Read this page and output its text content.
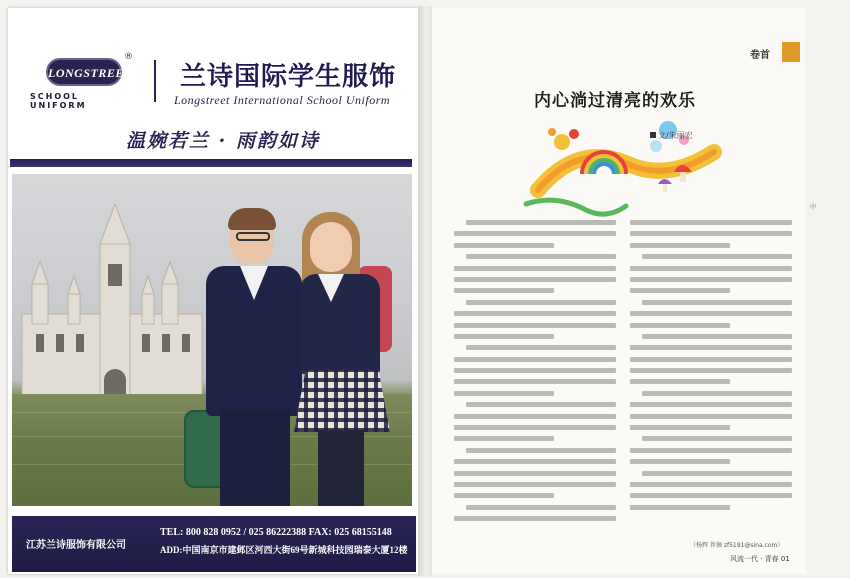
LONGSTREET
®
SCHOOL UNIFORM
兰诗国际学生服饰
Longstreet International School Uniform
温婉若兰 · 雨韵如诗
江苏兰诗服饰有限公司
TEL: 800 828 0952 / 025 86222388 FAX: 025 68155148
ADD:中国南京市建邺区河西大街69号新城科技园瑞泰大厦12楼
卷首
内心淌过清亮的欢乐
文/朱丽宏
（杨辉 荐摘 zf5191@sina.com）
风流一代 · 青春 01
中
